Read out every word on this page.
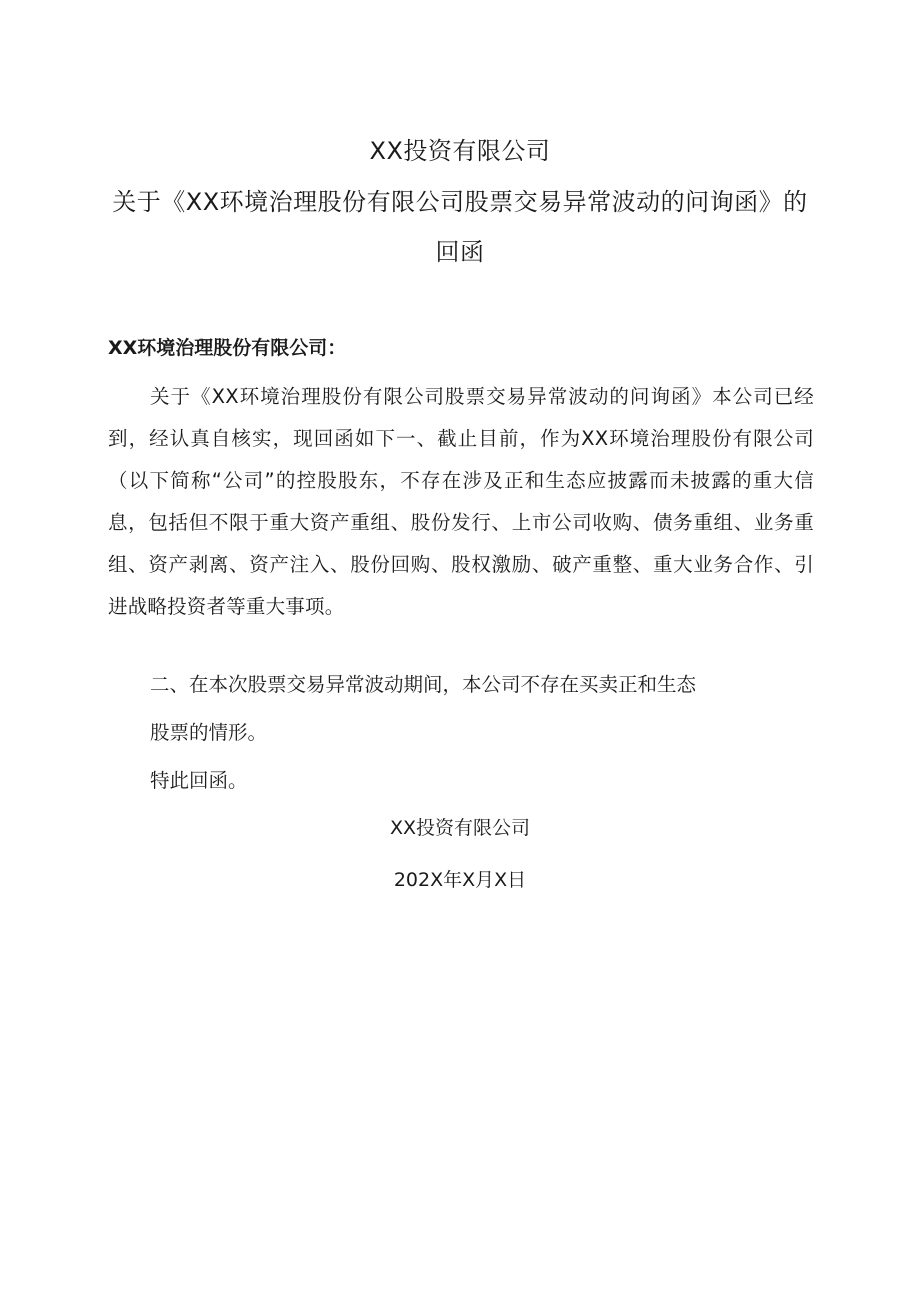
XX投资有限公司
关于《XX环境治理股份有限公司股票交易异常波动的问询函》的
回函
XX环境治理股份有限公司：
关于《XX环境治理股份有限公司股票交易异常波动的问询函》本公司已经到，经认真自核实，现回函如下一、截止目前，作为XX环境治理股份有限公司（以下简称“公司”的控股股东，不存在涉及正和生态应披露而未披露的重大信息，包括但不限于重大资产重组、股份发行、上市公司收购、债务重组、业务重组、资产剥离、资产注入、股份回购、股权激励、破产重整、重大业务合作、引进战略投资者等重大事项。
二、在本次股票交易异常波动期间，本公司不存在买卖正和生态
股票的情形。
特此回函。
XX投资有限公司
202X年X月X日
